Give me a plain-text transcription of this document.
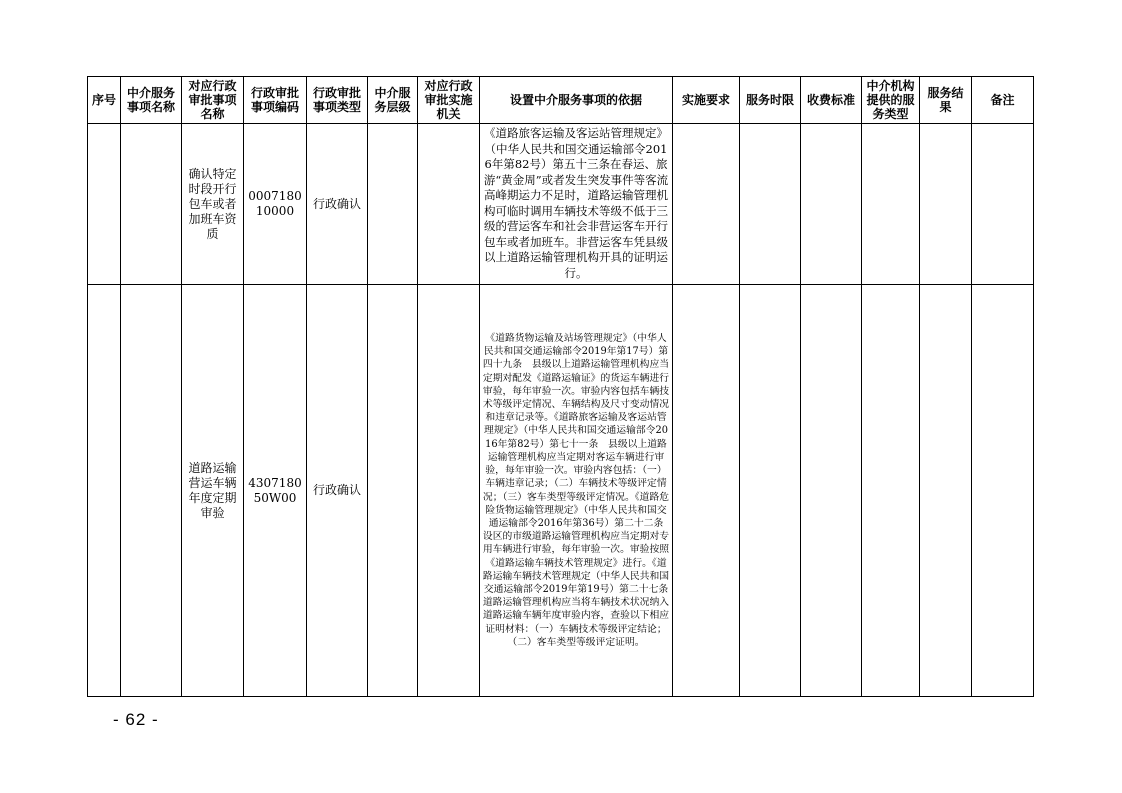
序号	中介服务事项名称	对应行政审批事项名称	行政审批事项编码	行政审批事项类型	中介服务层级	对应行政审批实施机关	设置中介服务事项的依据	实施要求	服务时限	收费标准	中介机构提供的服务类型	服务结果	备注
		确认特定时段开行包车或者加班车资质	000718010000	行政确认			《道路旅客运输及客运站管理规定》（中华人民共和国交通运输部令2016年第82号）第五十三条在春运、旅游“黄金周”或者发生突发事件等客流高峰期运力不足时，道路运输管理机构可临时调用车辆技术等级不低于三级的营运客车和社会非营运客车开行包车或者加班车。非营运客车凭县级以上道路运输管理机构开具的证明运行。						
		道路运输营运车辆年度定期审验	430718050W00	行政确认			《道路货物运输及站场管理规定》（中华人民共和国交通运输部令2019年第17号）第四十九条　县级以上道路运输管理机构应当定期对配发《道路运输证》的货运车辆进行审验，每年审验一次。审验内容包括车辆技术等级评定情况、车辆结构及尺寸变动情况和违章记录等。《道路旅客运输及客运站管理规定》（中华人民共和国交通运输部令2016年第82号）第七十一条　县级以上道路运输管理机构应当定期对客运车辆进行审验，每年审验一次。审验内容包括：（一）车辆违章记录；（二）车辆技术等级评定情况；（三）客车类型等级评定情况。《道路危险货物运输管理规定》（中华人民共和国交通运输部令2016年第36号）第二十二条　设区的市级道路运输管理机构应当定期对专用车辆进行审验，每年审验一次。审验按照《道路运输车辆技术管理规定》进行。《道路运输车辆技术管理规定（中华人民共和国交通运输部令2019年第19号）第二十七条　道路运输管理机构应当将车辆技术状况纳入道路运输车辆年度审验内容，查验以下相应证明材料：（一）车辆技术等级评定结论；（二）客车类型等级评定证明。						
- 62 -
